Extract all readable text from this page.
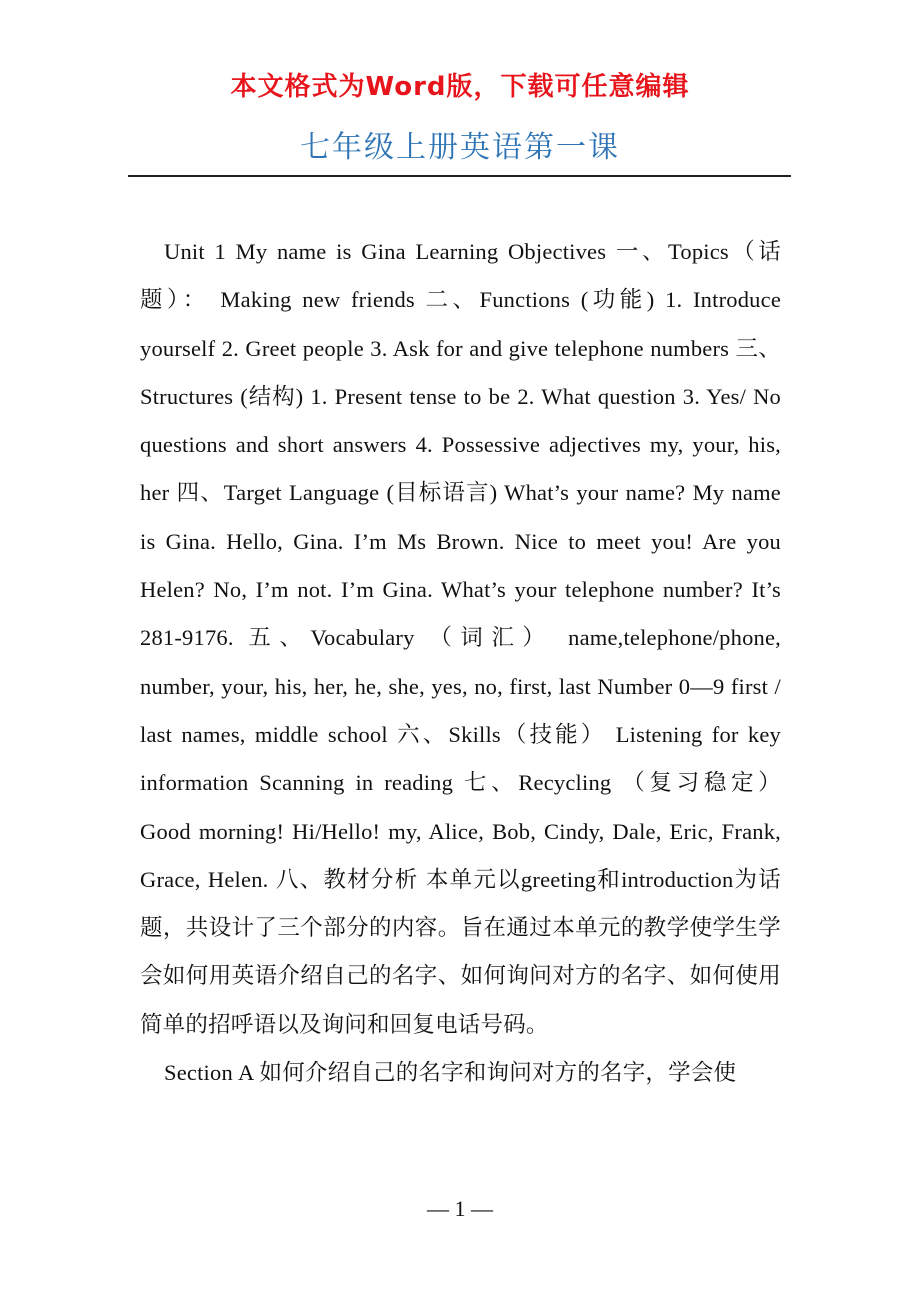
本文格式为Word版，下载可任意编辑
七年级上册英语第一课

Unit 1 My name is Gina Learning Objectives 一、Topics（话题）： Making new friends 二、Functions (功能) 1. Introduce yourself 2. Greet people 3. Ask for and give telephone numbers 三、Structures (结构) 1. Present tense to be 2. What question 3. Yes/ No questions and short answers 4. Possessive adjectives my, your, his, her 四、Target Language (目标语言) What’s your name? My name is Gina. Hello, Gina. I’m Ms Brown. Nice to meet you! Are you Helen? No, I’m not. I’m Gina. What’s your telephone number? It’s 281-9176. 五、Vocabulary （词汇） name,telephone/phone, number, your, his, her, he, she, yes, no, first, last Number 0—9 first / last names, middle school 六、Skills（技能） Listening for key information Scanning in reading 七、Recycling （复习稳定） Good morning! Hi/Hello! my, Alice, Bob, Cindy, Dale, Eric, Frank, Grace, Helen. 八、教材分析 本单元以greeting和introduction为话题，共设计了三个部分的内容。旨在通过本单元的教学使学生学会如何用英语介绍自己的名字、如何询问对方的名字、如何使用简单的招呼语以及询问和回复电话号码。

Section A 如何介绍自己的名字和询问对方的名字，学会使

— 1 —
